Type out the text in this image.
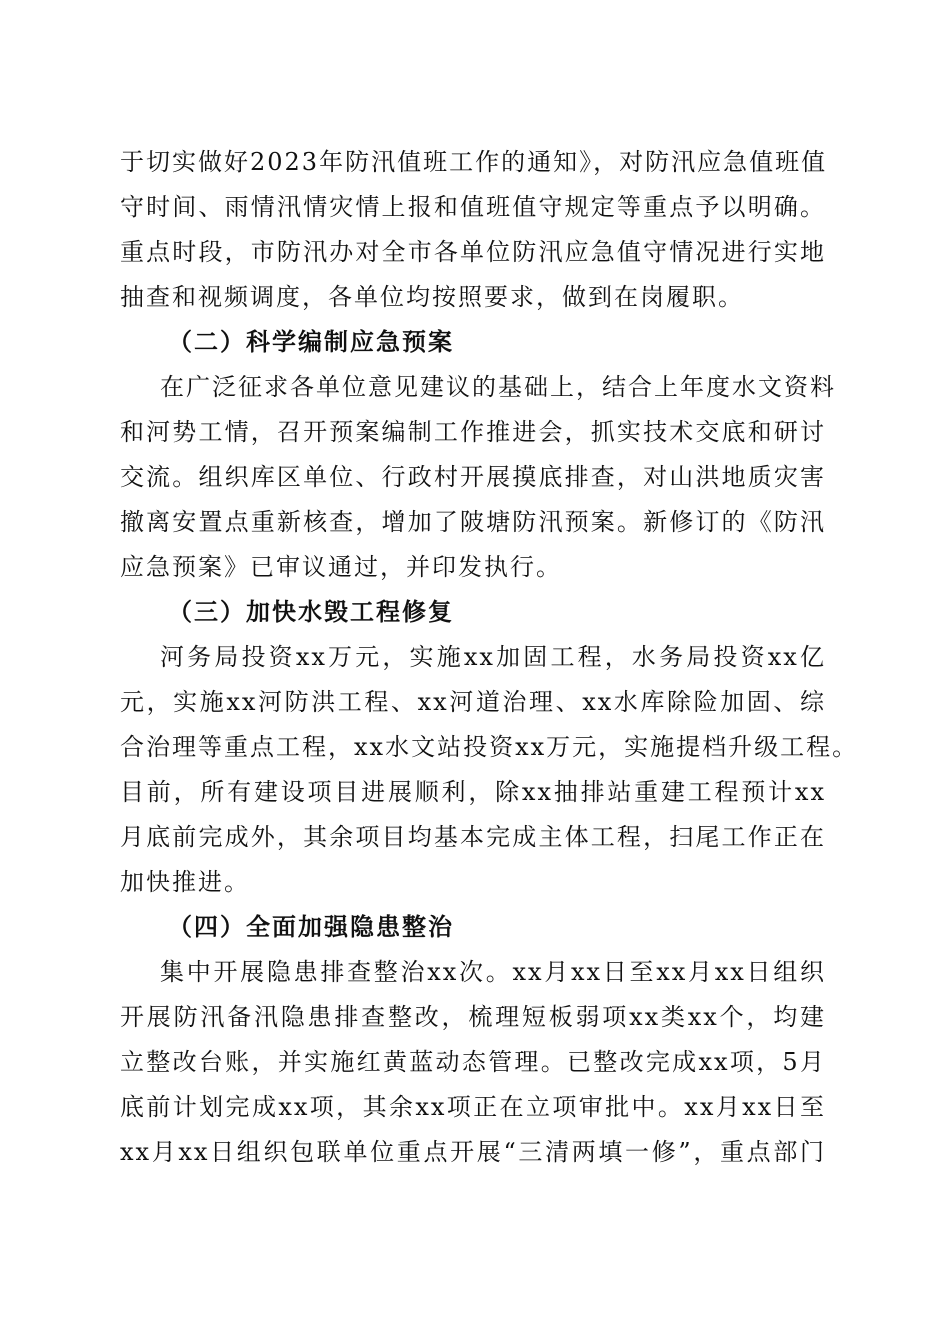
于切实做好2023年防汛值班工作的通知》，对防汛应急值班值
守时间、雨情汛情灾情上报和值班值守规定等重点予以明确。
重点时段，市防汛办对全市各单位防汛应急值守情况进行实地
抽查和视频调度，各单位均按照要求，做到在岗履职。
（二）科学编制应急预案
在广泛征求各单位意见建议的基础上，结合上年度水文资料
和河势工情，召开预案编制工作推进会，抓实技术交底和研讨
交流。组织库区单位、行政村开展摸底排查，对山洪地质灾害
撤离安置点重新核查，增加了陂塘防汛预案。新修订的《防汛
应急预案》已审议通过，并印发执行。
（三）加快水毁工程修复
河务局投资xx万元，实施xx加固工程，水务局投资xx亿
元，实施xx河防洪工程、xx河道治理、xx水库除险加固、综
合治理等重点工程，xx水文站投资xx万元，实施提档升级工程。
目前，所有建设项目进展顺利，除xx抽排站重建工程预计xx
月底前完成外，其余项目均基本完成主体工程，扫尾工作正在
加快推进。
（四）全面加强隐患整治
集中开展隐患排查整治xx次。xx月xx日至xx月xx日组织
开展防汛备汛隐患排查整改，梳理短板弱项xx类xx个，均建
立整改台账，并实施红黄蓝动态管理。已整改完成xx项，5月
底前计划完成xx项，其余xx项正在立项审批中。xx月xx日至
xx月xx日组织包联单位重点开展“三清两填一修”，重点部门
